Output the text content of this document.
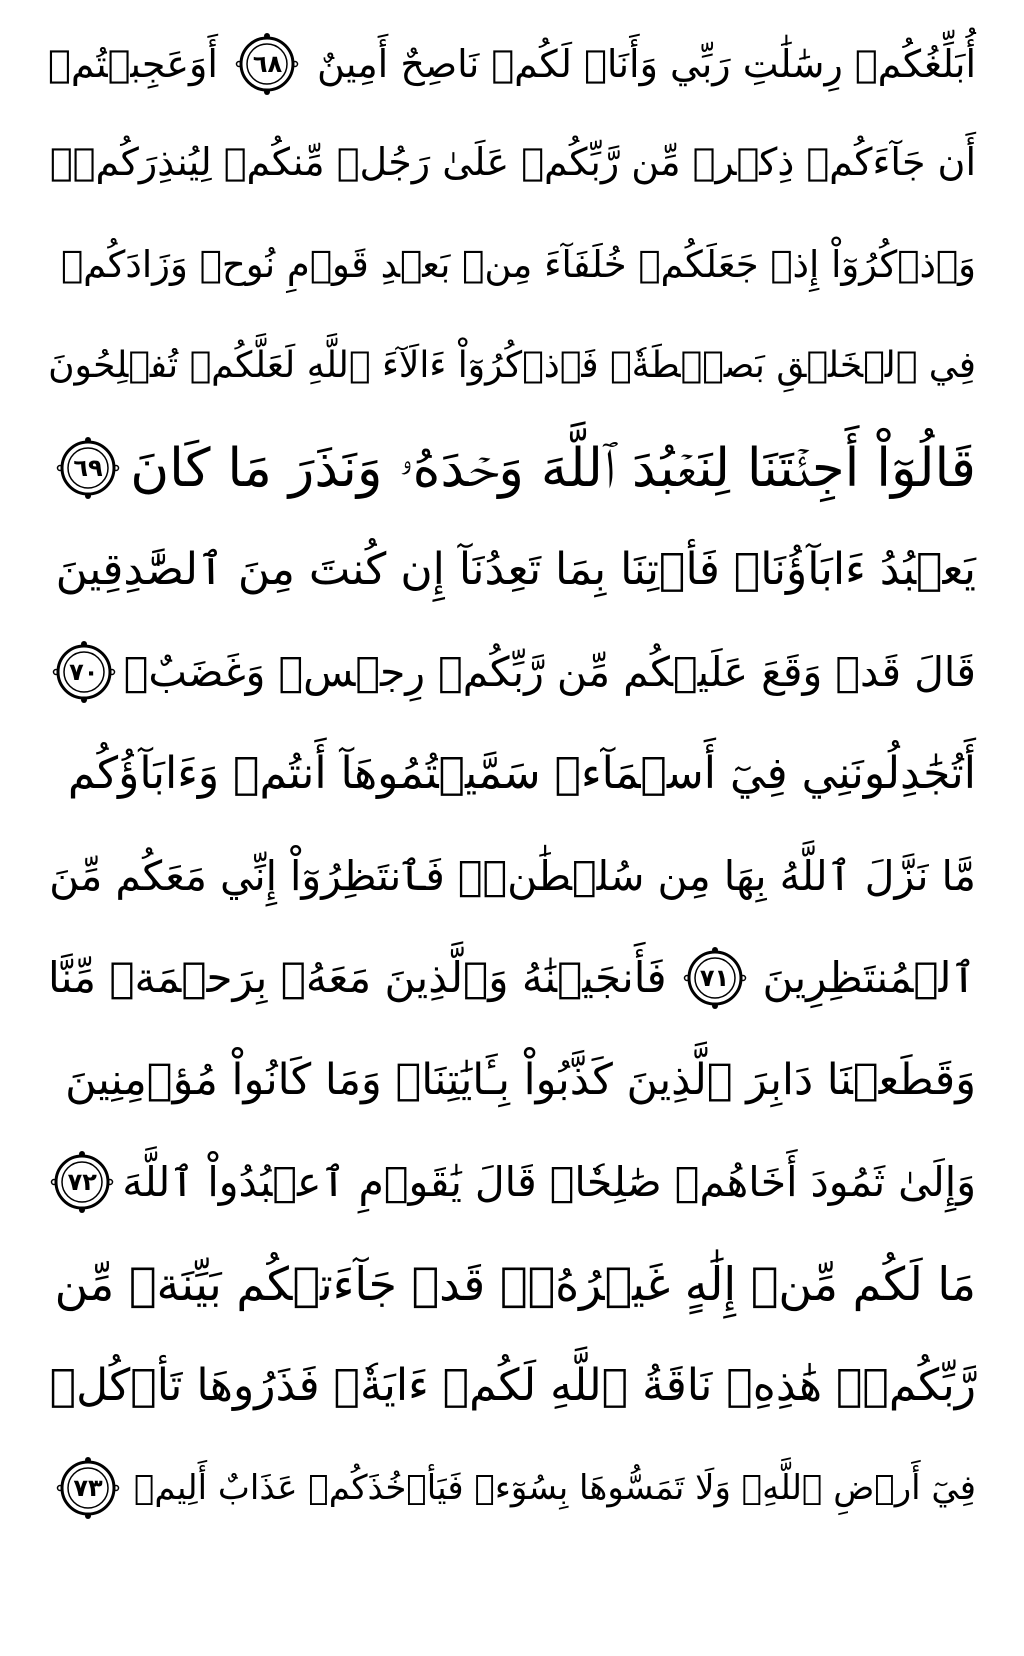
أُبَلِّغُكُمۡ رِسَٰلَٰتِ رَبِّي وَأَنَا۠ لَكُمۡ نَاصِحٌ أَمِينٌ
٦٨
أَوَعَجِبۡتُمۡ
أَن جَآءَكُمۡ ذِكۡرٞ مِّن رَّبِّكُمۡ عَلَىٰ رَجُلٖ مِّنكُمۡ لِيُنذِرَكُمۡۚ
وَٱذۡكُرُوٓاْ إِذۡ جَعَلَكُمۡ خُلَفَآءَ مِنۢ بَعۡدِ قَوۡمِ نُوحٖ وَزَادَكُمۡ
فِي ٱلۡخَلۡقِ بَصۜۡطَةٗۖ فَٱذۡكُرُوٓاْ ءَالَآءَ ٱللَّهِ لَعَلَّكُمۡ تُفۡلِحُونَ
قَالُوٓاْ أَجِئۡتَنَا لِنَعۡبُدَ ٱللَّهَ وَحۡدَهُۥ وَنَذَرَ مَا كَانَ
٦٩
يَعۡبُدُ ءَابَآؤُنَاۖ فَأۡتِنَا بِمَا تَعِدُنَآ إِن كُنتَ مِنَ ٱلصَّٰدِقِينَ
قَالَ قَدۡ وَقَعَ عَلَيۡكُم مِّن رَّبِّكُمۡ رِجۡسٞ وَغَضَبٌۖ
٧٠
أَتُجَٰدِلُونَنِي فِيٓ أَسۡمَآءٖ سَمَّيۡتُمُوهَآ أَنتُمۡ وَءَابَآؤُكُم
مَّا نَزَّلَ ٱللَّهُ بِهَا مِن سُلۡطَٰنٖۚ فَٱنتَظِرُوٓاْ إِنِّي مَعَكُم مِّنَ
ٱلۡمُنتَظِرِينَ
٧١
فَأَنجَيۡنَٰهُ وَٱلَّذِينَ مَعَهُۥ بِرَحۡمَةٖ مِّنَّا
وَقَطَعۡنَا دَابِرَ ٱلَّذِينَ كَذَّبُواْ بِـَٔايَٰتِنَاۖ وَمَا كَانُواْ مُؤۡمِنِينَ
وَإِلَىٰ ثَمُودَ أَخَاهُمۡ صَٰلِحٗاۗ قَالَ يَٰقَوۡمِ ٱعۡبُدُواْ ٱللَّهَ
٧٢
مَا لَكُم مِّنۡ إِلَٰهٍ غَيۡرُهُۥۖ قَدۡ جَآءَتۡكُم بَيِّنَةٞ مِّن
رَّبِّكُمۡۖ هَٰذِهِۦ نَاقَةُ ٱللَّهِ لَكُمۡ ءَايَةٗۖ فَذَرُوهَا تَأۡكُلۡ
فِيٓ أَرۡضِ ٱللَّهِۖ وَلَا تَمَسُّوهَا بِسُوٓءٖ فَيَأۡخُذَكُمۡ عَذَابٌ أَلِيمٞ
٧٣
